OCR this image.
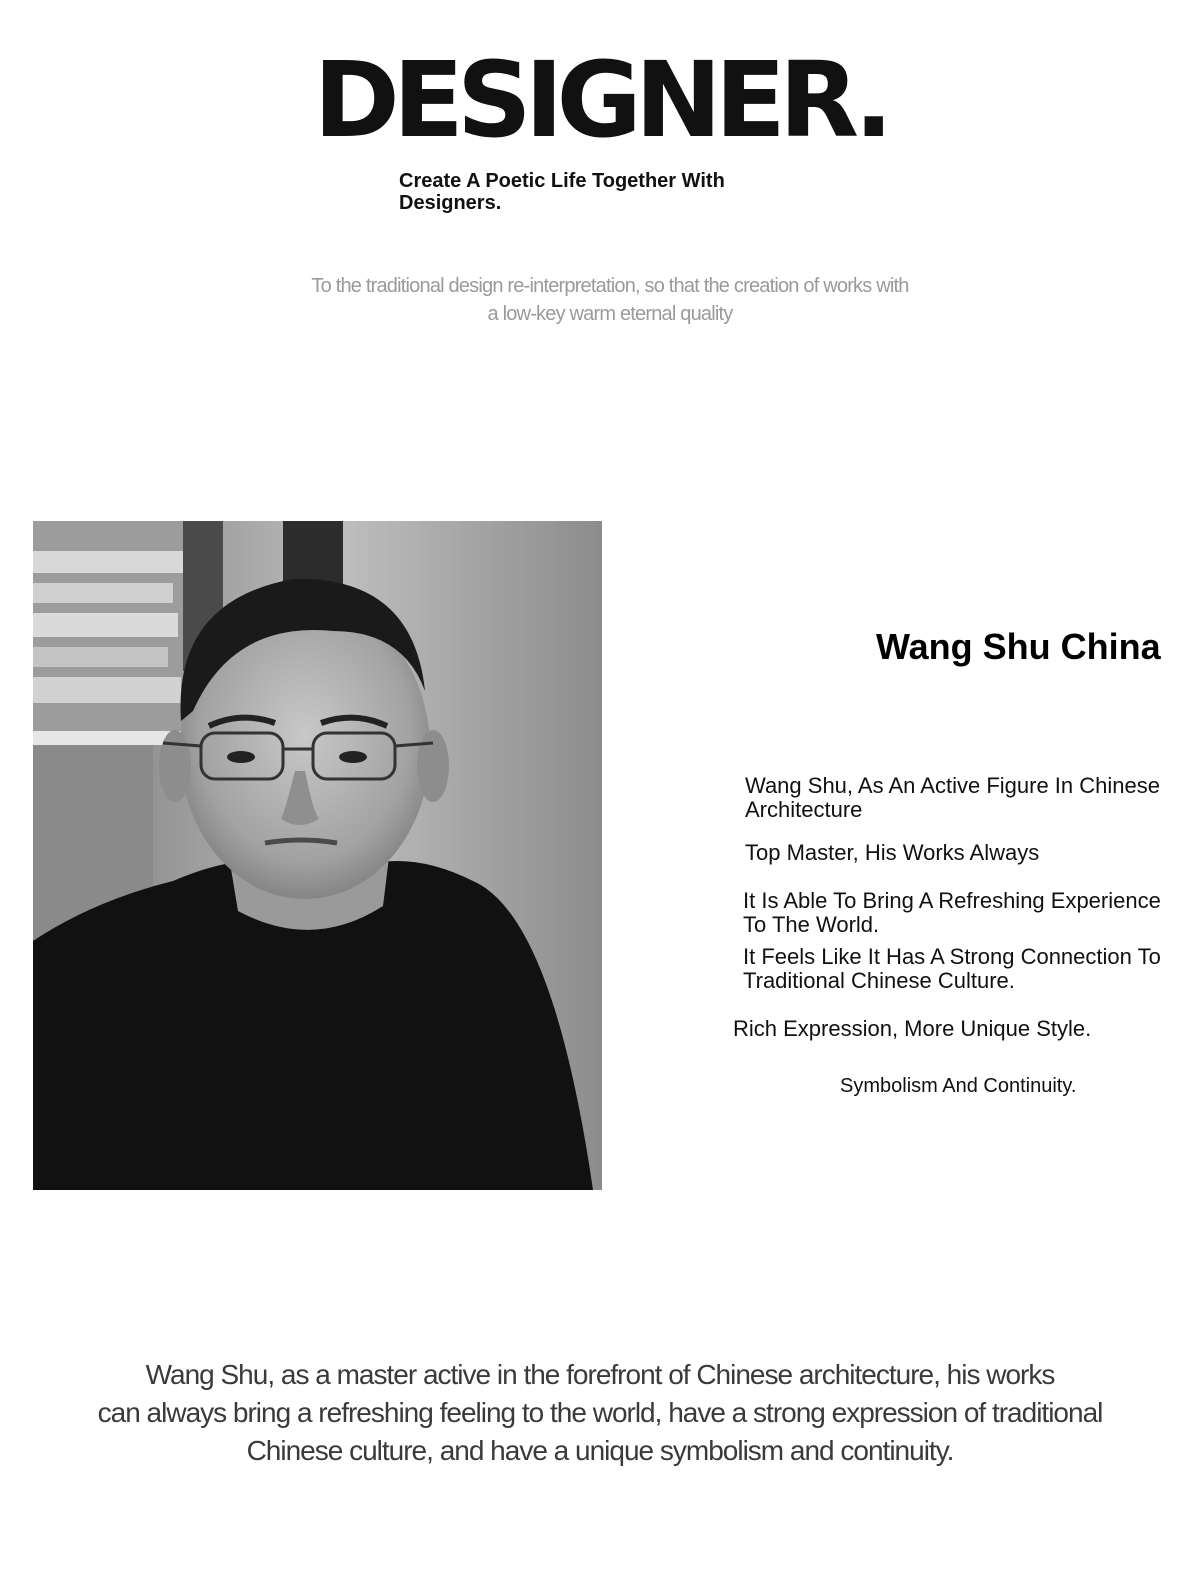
DESIGNER.
Create A Poetic Life Together With
Designers.
To the traditional design re-interpretation, so that the creation of works with
a low-key warm eternal quality
Wang Shu China
Wang Shu, As An Active Figure In Chinese
Architecture
Top Master, His Works Always
It Is Able To Bring A Refreshing Experience
To The World.
It Feels Like It Has A Strong Connection To
Traditional Chinese Culture.
Rich Expression, More Unique Style.
Symbolism And Continuity.
Wang Shu, as a master active in the forefront of Chinese architecture, his works
can always bring a refreshing feeling to the world, have a strong expression of traditional
Chinese culture, and have a unique symbolism and continuity.
